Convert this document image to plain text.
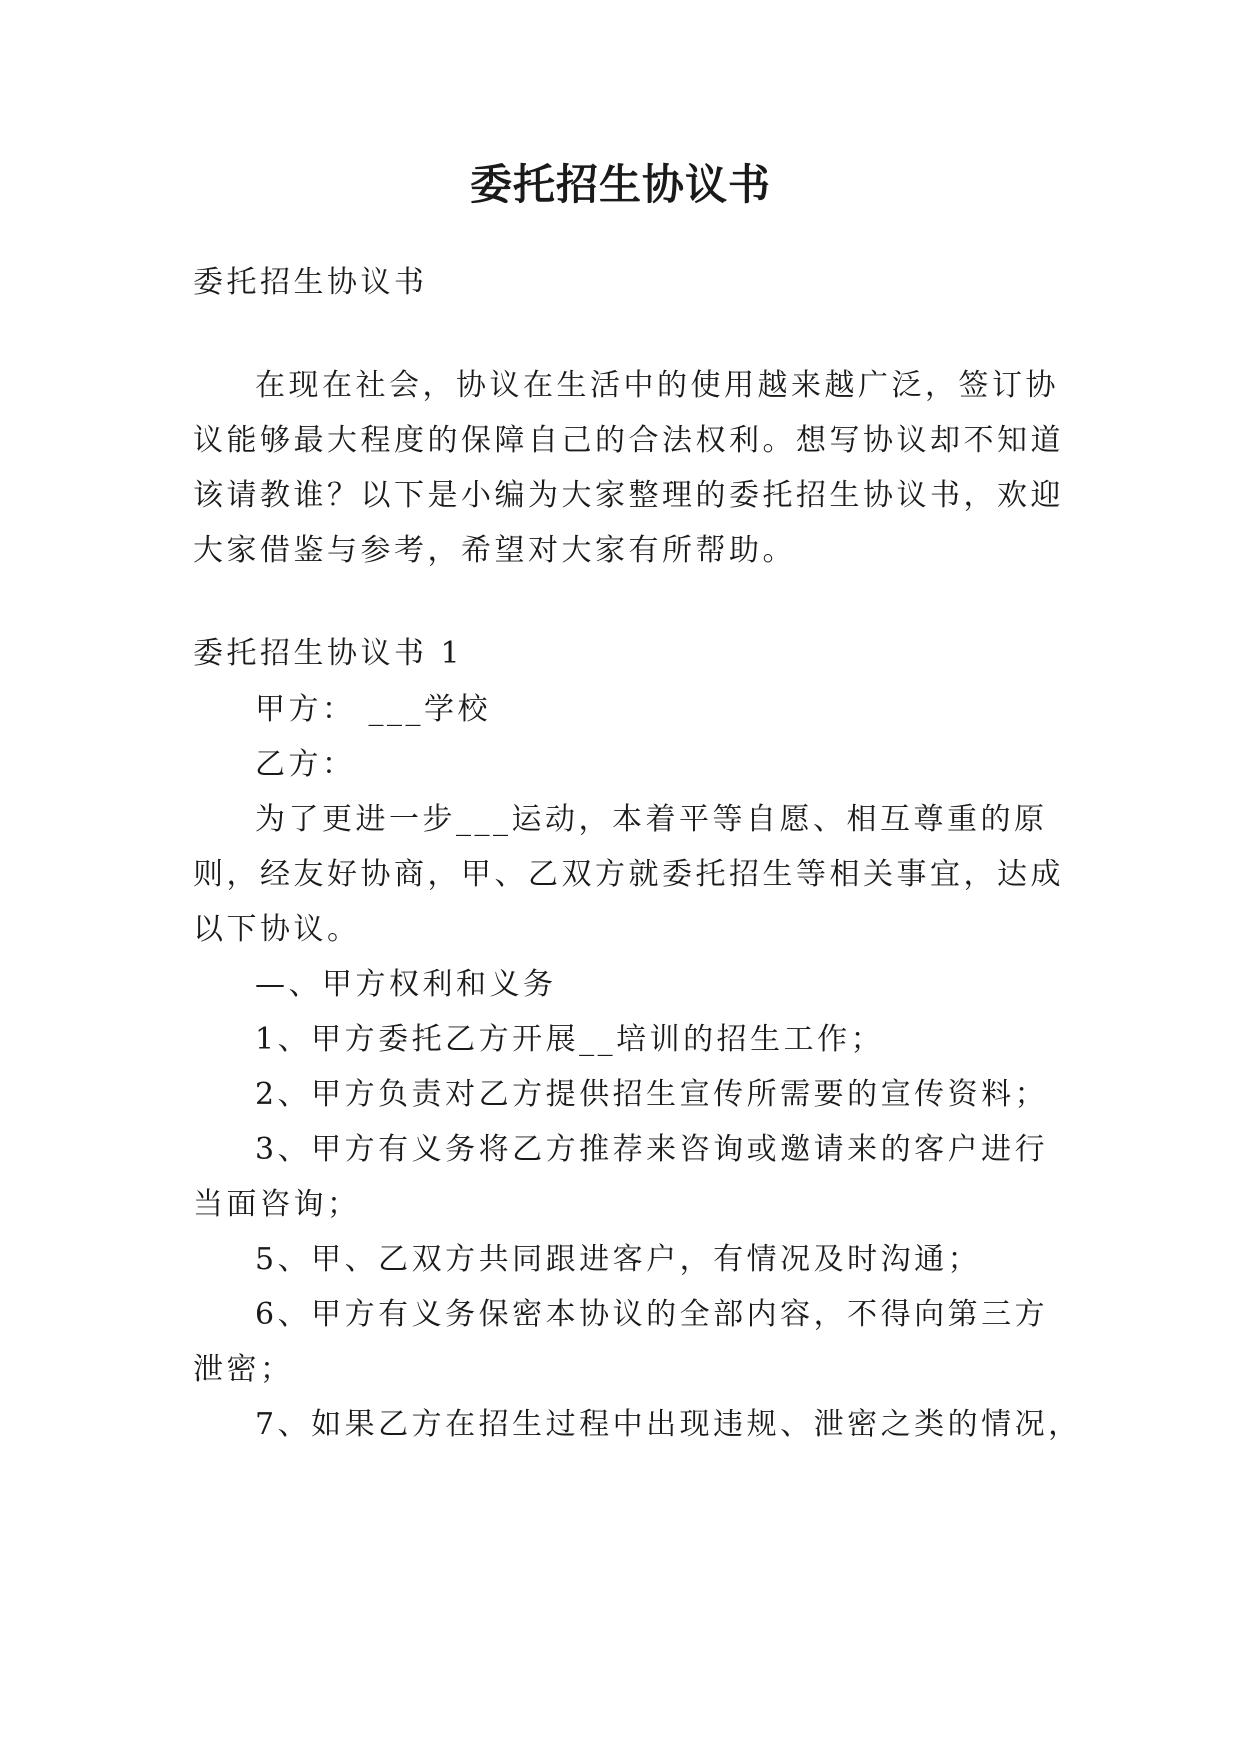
委托招生协议书
委托招生协议书
在现在社会，协议在生活中的使用越来越广泛，签订协
议能够最大程度的保障自己的合法权利。想写协议却不知道
该请教谁？以下是小编为大家整理的委托招生协议书，欢迎
大家借鉴与参考，希望对大家有所帮助。
委托招生协议书 1
甲方： ___学校
乙方：
为了更进一步___运动，本着平等自愿、相互尊重的原
则，经友好协商，甲、乙双方就委托招生等相关事宜，达成
以下协议。
—、甲方权利和义务
1、甲方委托乙方开展__培训的招生工作；
2、甲方负责对乙方提供招生宣传所需要的宣传资料；
3、甲方有义务将乙方推荐来咨询或邀请来的客户进行
当面咨询；
5、甲、乙双方共同跟进客户，有情况及时沟通；
6、甲方有义务保密本协议的全部内容，不得向第三方
泄密；
7、如果乙方在招生过程中出现违规、泄密之类的情况，
